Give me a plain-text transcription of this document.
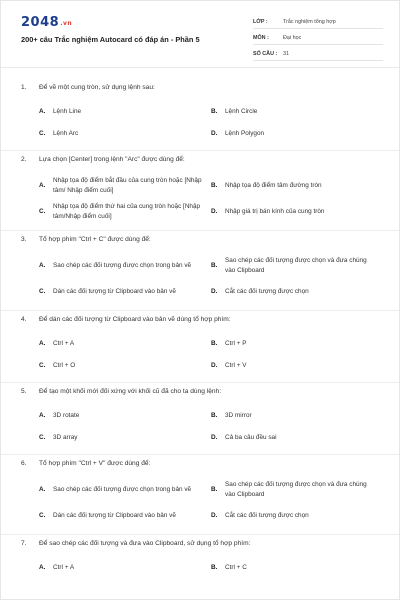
2048.vn
200+ câu Trắc nghiệm Autocard có đáp án - Phần 5
LỚP :	Trắc nghiệm tổng hợp
MÔN :	Đại học
SỐ CÂU :	31
1.	Để vẽ một cung tròn, sử dụng lệnh sau:
A.	Lệnh Line	B.	Lệnh Circle
C.	Lệnh Arc	D.	Lệnh Polygon
2.	Lựa chọn [Center] trong lệnh "Arc" được dùng để:
A.
Nhập tọa độ điểm bắt đầu của cung tròn hoặc [Nhập tâm/ Nhập điểm cuối]
B.	Nhập tọa độ điểm tâm đường tròn
C.
Nhập tọa độ điểm thứ hai của cung tròn hoặc [Nhập tâm/Nhập điểm cuối]
D.	Nhập giá trị bán kính của cung tròn
3.	Tổ hợp phím "Ctrl + C" được dùng để:
A.	Sao chép các đối tượng được chọn trong bản vẽ	B.
Sao chép các đối tượng được chọn và đưa chúng vào Clipboard
C.	Dán các đối tượng từ Clipboard vào bản vẽ	D.	Cắt các đối tượng được chọn
4.	Để dán các đối tượng từ Clipboard vào bản vẽ dùng tổ hợp phím:
A.	Ctrl + A	B.	Ctrl + P
C.	Ctrl + O	D.	Ctrl + V
5.	Để tạo một khối mới đối xứng với khối cũ đã cho ta dùng lệnh:
A.	3D rotate	B.	3D mirror
C.	3D array	D.	Cả ba câu đều sai
6.	Tổ hợp phím "Ctrl + V" được dùng để:
A.	Sao chép các đối tượng được chọn trong bản vẽ	B.
Sao chép các đối tượng được chọn và đưa chúng vào Clipboard
C.	Dán các đối tượng từ Clipboard vào bản vẽ	D.	Cắt các đối tượng được chọn
7.	Để sao chép các đối tượng và đưa vào Clipboard, sử dụng tổ hợp phím:
A.	Ctrl + A	B.	Ctrl + C
